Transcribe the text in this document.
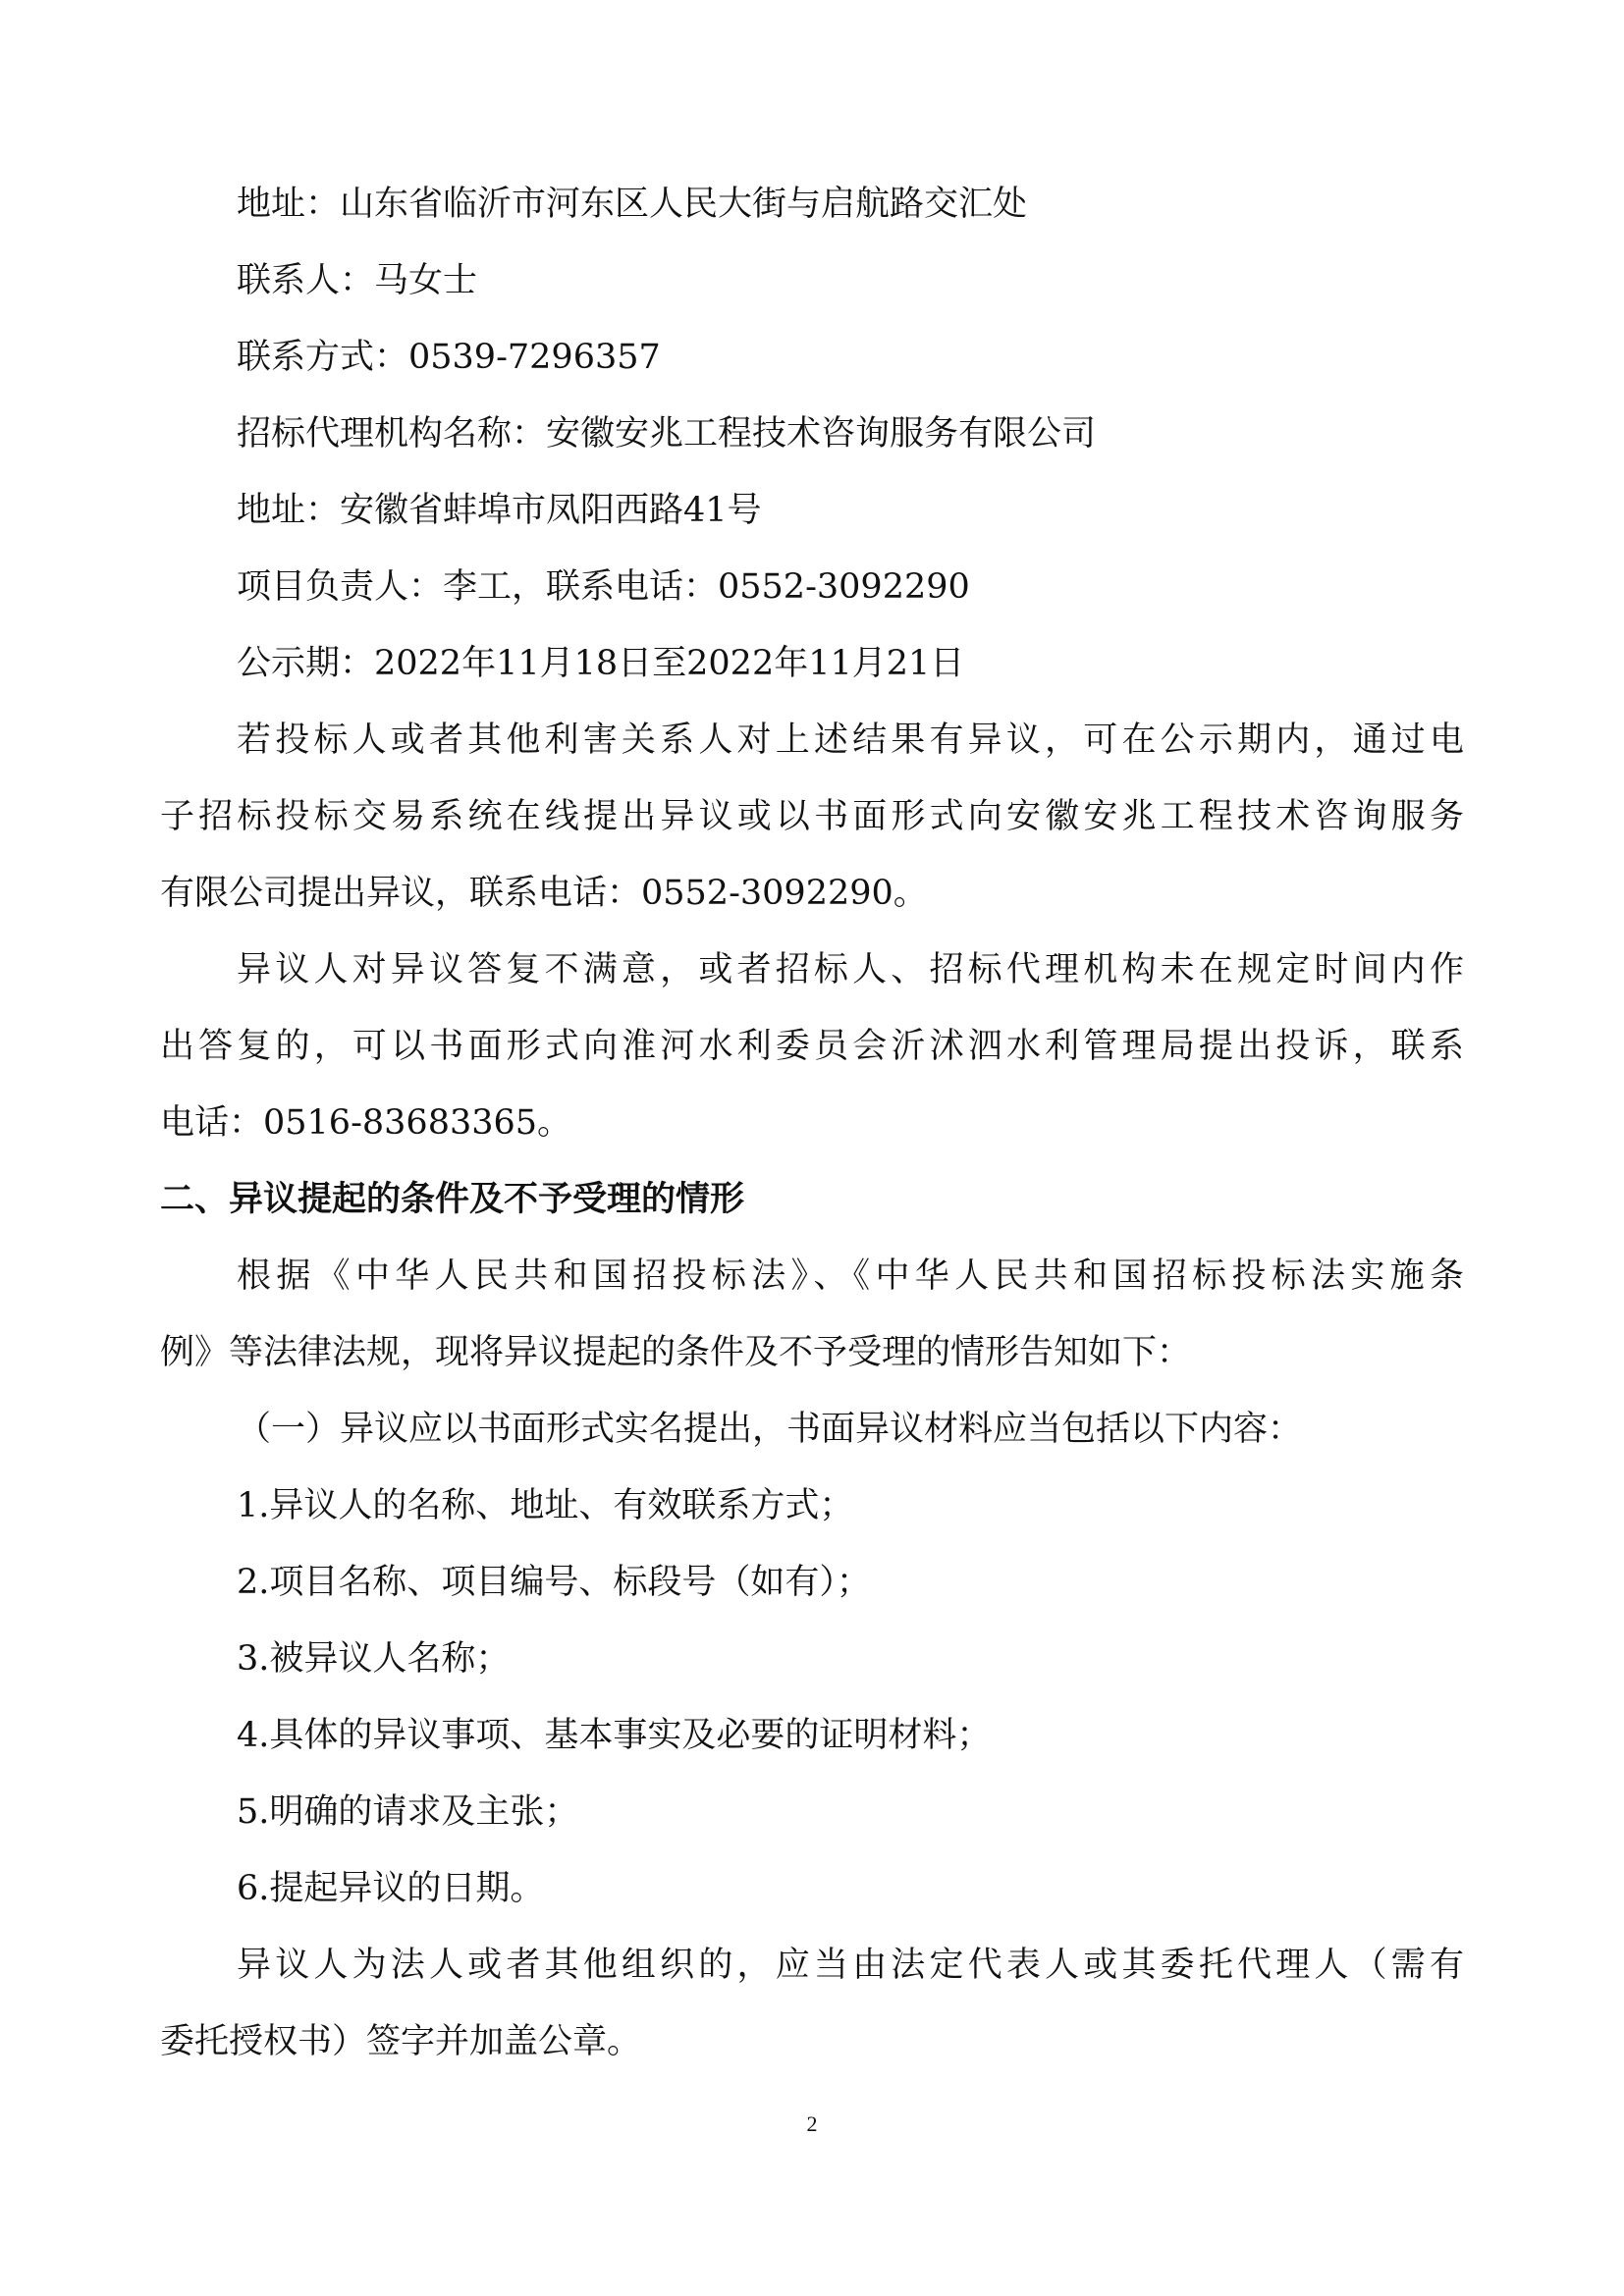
地址：山东省临沂市河东区人民大街与启航路交汇处
联系人：马女士
联系方式：0539-7296357
招标代理机构名称：安徽安兆工程技术咨询服务有限公司
地址：安徽省蚌埠市凤阳西路41号
项目负责人：李工，联系电话：0552-3092290
公示期：2022年11月18日至2022年11月21日
若投标人或者其他利害关系人对上述结果有异议，可在公示期内，通过电
子招标投标交易系统在线提出异议或以书面形式向安徽安兆工程技术咨询服务
有限公司提出异议，联系电话：0552-3092290。
异议人对异议答复不满意，或者招标人、招标代理机构未在规定时间内作
出答复的，可以书面形式向淮河水利委员会沂沭泗水利管理局提出投诉，联系
电话：0516-83683365。
二、异议提起的条件及不予受理的情形
根据《中华人民共和国招投标法》、《中华人民共和国招标投标法实施条
例》等法律法规，现将异议提起的条件及不予受理的情形告知如下：
（一）异议应以书面形式实名提出，书面异议材料应当包括以下内容：
1.异议人的名称、地址、有效联系方式；
2.项目名称、项目编号、标段号（如有）；
3.被异议人名称；
4.具体的异议事项、基本事实及必要的证明材料；
5.明确的请求及主张；
6.提起异议的日期。
异议人为法人或者其他组织的，应当由法定代表人或其委托代理人（需有
委托授权书）签字并加盖公章。
2
